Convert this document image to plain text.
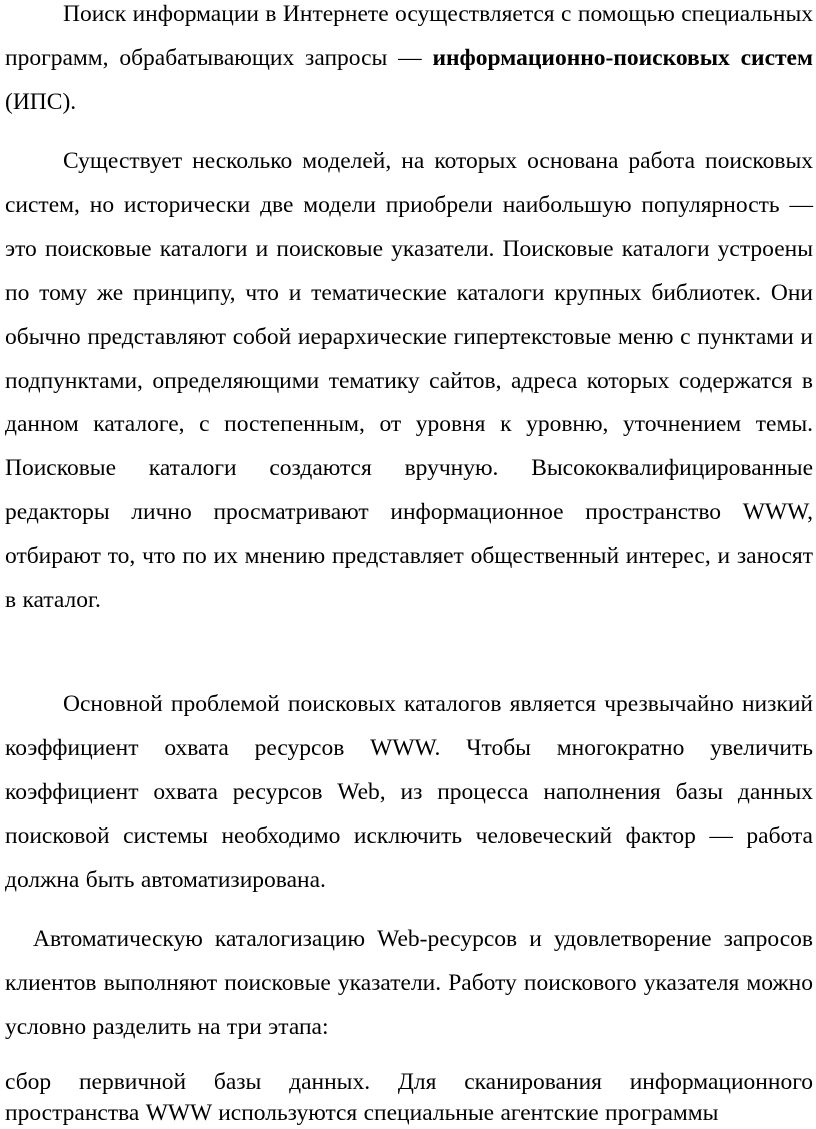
Поиск информации в Интернете осуществляется с помощью специальных программ, обрабатывающих запросы — информационно-поисковых систем (ИПС).

Существует несколько моделей, на которых основана работа поисковых систем, но исторически две модели приобрели наибольшую популярность — это поисковые каталоги и поисковые указатели. Поисковые каталоги устроены по тому же принципу, что и тематические каталоги крупных библиотек. Они обычно представляют собой иерархические гипертекстовые меню с пунктами и подпунктами, определяющими тематику сайтов, адреса которых содержатся в данном каталоге, с постепенным, от уровня к уровню, уточнением темы. Поисковые каталоги создаются вручную. Высококвалифицированные редакторы лично просматривают информационное пространство WWW, отбирают то, что по их мнению представляет общественный интерес, и заносят в каталог.

Основной проблемой поисковых каталогов является чрезвычайно низкий коэффициент охвата ресурсов WWW. Чтобы многократно увеличить коэффициент охвата ресурсов Web, из процесса наполнения базы данных поисковой системы необходимо исключить человеческий фактор — работа должна быть автоматизирована.

Автоматическую каталогизацию Web-ресурсов и удовлетворение запросов клиентов выполняют поисковые указатели. Работу поискового указателя можно условно разделить на три этапа:

сбор первичной базы данных. Для сканирования информационного пространства WWW используются специальные агентские программы
